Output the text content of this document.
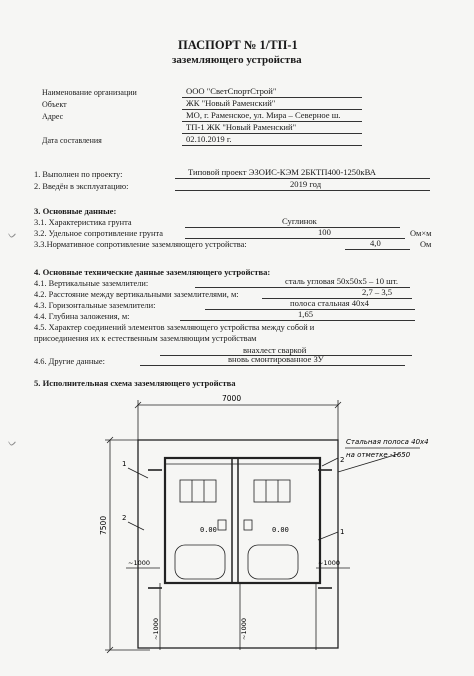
ПАСПОРТ № 1/ТП-1
заземляющего устройства
Наименование организации	ООО "СветСпортСтрой"
Объект	ЖК "Новый Раменский"
Адрес	МО, г. Раменское, ул. Мира – Северное ш.
ТП-1 ЖК "Новый Раменский"
Дата составления	02.10.2019 г.
1. Выполнен по проекту:	Типовой проект ЭЗОИС-КЭМ 2БКТП400-1250кВА
2. Введён в эксплуатацию:	2019 год
3. Основные данные:
3.1. Характеристика грунта	Суглинок
3.2. Удельное сопротивление грунта	100	Ом×м
3.3.Нормативное сопротивление заземляющего устройства:	4,0	Ом
4. Основные технические данные заземляющего устройства:
4.1. Вертикальные заземлители:	сталь угловая 50х50х5 – 10 шт.
4.2. Расстояние между вертикальными заземлителями, м:	2,7 – 3,5
4.3. Горизонтальные заземлители:	полоса стальная 40х4
4.4. Глубина заложения, м:	1,65
4.5. Характер соединений элементов заземляющего устройства между собой и
присоединения их к естественным заземляющим устройствам
внахлест сваркой
4.6. Другие данные:	вновь смонтированное ЗУ
5. Исполнительная схема заземляющего устройства
ᨆ
ᨆ
7000
7500
Стальная полоса 40х4
на отметке -1650
1
2
2
1
0.00	0.00
~1000	~1000
~1000	~1000
